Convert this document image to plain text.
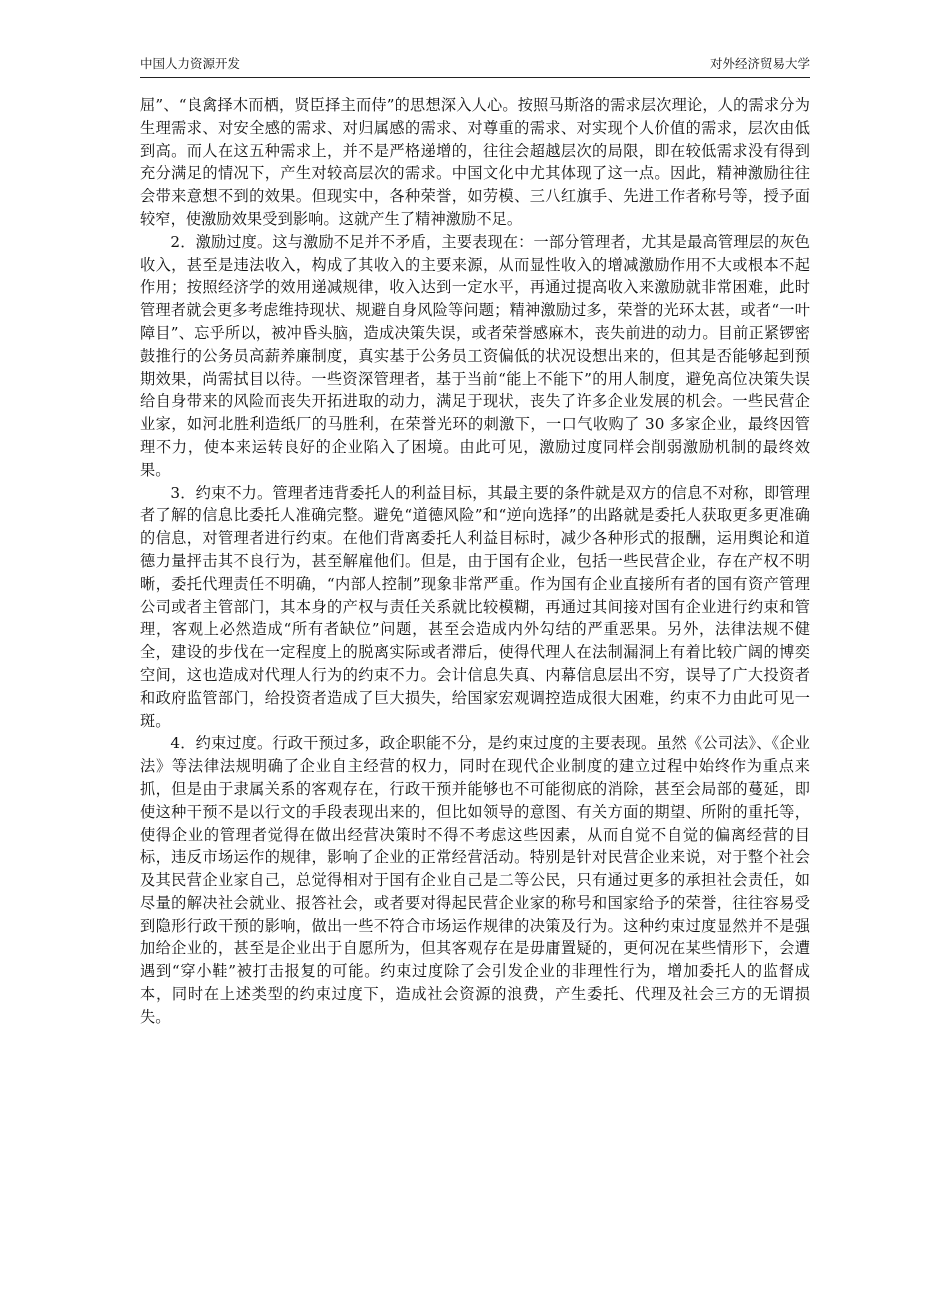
中国人力资源开发	对外经济贸易大学

屈”、“良禽择木而栖，贤臣择主而侍”的思想深入人心。按照马斯洛的需求层次理论，人的需求分为生理需求、对安全感的需求、对归属感的需求、对尊重的需求、对实现个人价值的需求，层次由低到高。而人在这五种需求上，并不是严格递增的，往往会超越层次的局限，即在较低需求没有得到充分满足的情况下，产生对较高层次的需求。中国文化中尤其体现了这一点。因此，精神激励往往会带来意想不到的效果。但现实中，各种荣誉，如劳模、三八红旗手、先进工作者称号等，授予面较窄，使激励效果受到影响。这就产生了精神激励不足。

2．激励过度。这与激励不足并不矛盾，主要表现在：一部分管理者，尤其是最高管理层的灰色收入，甚至是违法收入，构成了其收入的主要来源，从而显性收入的增减激励作用不大或根本不起作用；按照经济学的效用递减规律，收入达到一定水平，再通过提高收入来激励就非常困难，此时管理者就会更多考虑维持现状、规避自身风险等问题；精神激励过多，荣誉的光环太甚，或者“一叶障目”、忘乎所以，被冲昏头脑，造成决策失误，或者荣誉感麻木，丧失前进的动力。目前正紧锣密鼓推行的公务员高薪养廉制度，真实基于公务员工资偏低的状况设想出来的，但其是否能够起到预期效果，尚需拭目以待。一些资深管理者，基于当前“能上不能下”的用人制度，避免高位决策失误给自身带来的风险而丧失开拓进取的动力，满足于现状，丧失了许多企业发展的机会。一些民营企业家，如河北胜利造纸厂的马胜利，在荣誉光环的刺激下，一口气收购了 30 多家企业，最终因管理不力，使本来运转良好的企业陷入了困境。由此可见，激励过度同样会削弱激励机制的最终效果。

3．约束不力。管理者违背委托人的利益目标，其最主要的条件就是双方的信息不对称，即管理者了解的信息比委托人准确完整。避免“道德风险”和“逆向选择”的出路就是委托人获取更多更准确的信息，对管理者进行约束。在他们背离委托人利益目标时，减少各种形式的报酬，运用舆论和道德力量抨击其不良行为，甚至解雇他们。但是，由于国有企业，包括一些民营企业，存在产权不明晰，委托代理责任不明确，“内部人控制”现象非常严重。作为国有企业直接所有者的国有资产管理公司或者主管部门，其本身的产权与责任关系就比较模糊，再通过其间接对国有企业进行约束和管理，客观上必然造成“所有者缺位”问题，甚至会造成内外勾结的严重恶果。另外，法律法规不健全，建设的步伐在一定程度上的脱离实际或者滞后，使得代理人在法制漏洞上有着比较广阔的博奕空间，这也造成对代理人行为的约束不力。会计信息失真、内幕信息层出不穷，误导了广大投资者和政府监管部门，给投资者造成了巨大损失，给国家宏观调控造成很大困难，约束不力由此可见一斑。

4．约束过度。行政干预过多，政企职能不分，是约束过度的主要表现。虽然《公司法》、《企业法》等法律法规明确了企业自主经营的权力，同时在现代企业制度的建立过程中始终作为重点来抓，但是由于隶属关系的客观存在，行政干预并能够也不可能彻底的消除，甚至会局部的蔓延，即使这种干预不是以行文的手段表现出来的，但比如领导的意图、有关方面的期望、所附的重托等，使得企业的管理者觉得在做出经营决策时不得不考虑这些因素，从而自觉不自觉的偏离经营的目标，违反市场运作的规律，影响了企业的正常经营活动。特别是针对民营企业来说，对于整个社会及其民营企业家自己，总觉得相对于国有企业自己是二等公民，只有通过更多的承担社会责任，如尽量的解决社会就业、报答社会，或者要对得起民营企业家的称号和国家给予的荣誉，往往容易受到隐形行政干预的影响，做出一些不符合市场运作规律的决策及行为。这种约束过度显然并不是强加给企业的，甚至是企业出于自愿所为，但其客观存在是毋庸置疑的，更何况在某些情形下，会遭遇到“穿小鞋”被打击报复的可能。约束过度除了会引发企业的非理性行为，增加委托人的监督成本，同时在上述类型的约束过度下，造成社会资源的浪费，产生委托、代理及社会三方的无谓损失。
